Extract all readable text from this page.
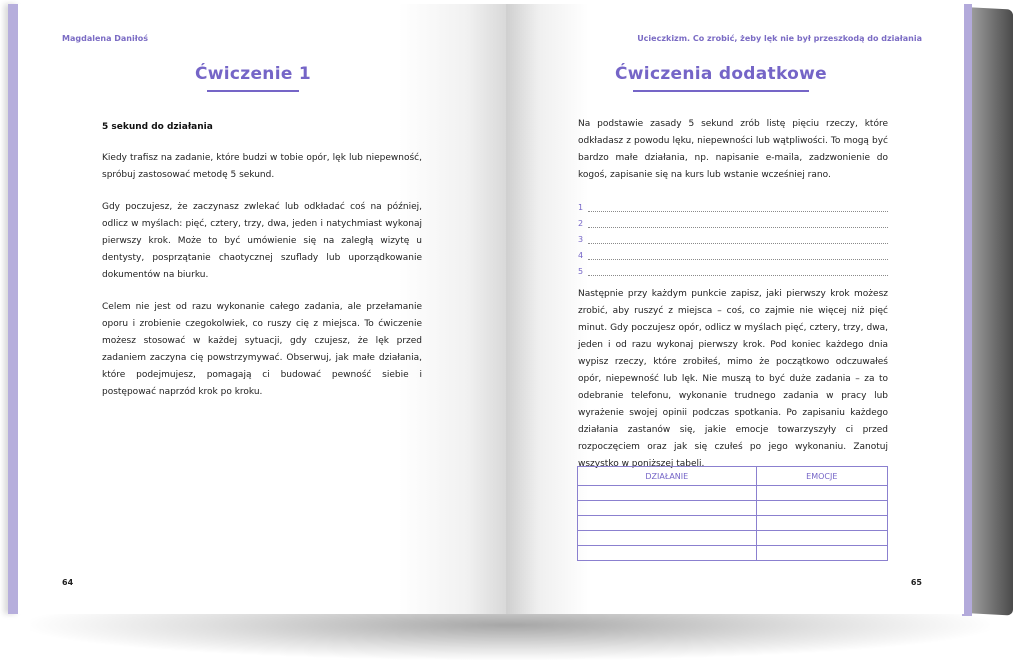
Magdalena Daniłoś
Ćwiczenie 1
5 sekund do działania

Kiedy trafisz na zadanie, które budzi w tobie opór, lęk lub niepewność, spróbuj zastosować metodę 5 sekund.

Gdy poczujesz, że zaczynasz zwlekać lub odkładać coś na później, odlicz w myślach: pięć, cztery, trzy, dwa, jeden i natychmiast wykonaj pierwszy krok. Może to być umówienie się na zaległą wizytę u dentysty, posprzątanie chaotycznej szuflady lub uporządkowanie dokumentów na biurku.

Celem nie jest od razu wykonanie całego zadania, ale przełamanie oporu i zrobienie czegokolwiek, co ruszy cię z miejsca. To ćwiczenie możesz stosować w każdej sytuacji, gdy czujesz, że lęk przed zadaniem zaczyna cię powstrzymywać. Obserwuj, jak małe działania, które podejmujesz, pomagają ci budować pewność siebie i postępować naprzód krok po kroku.

64
Ucieczkizm. Co zrobić, żeby lęk nie był przeszkodą do działania
Ćwiczenia dodatkowe

Na podstawie zasady 5 sekund zrób listę pięciu rzeczy, które odkładasz z powodu lęku, niepewności lub wątpliwości. To mogą być bardzo małe działania, np. napisanie e-maila, zadzwonienie do kogoś, zapisanie się na kurs lub wstanie wcześniej rano.

1
2
3
4
5

Następnie przy każdym punkcie zapisz, jaki pierwszy krok możesz zrobić, aby ruszyć z miejsca – coś, co zajmie nie więcej niż pięć minut. Gdy poczujesz opór, odlicz w myślach pięć, cztery, trzy, dwa, jeden i od razu wykonaj pierwszy krok. Pod koniec każdego dnia wypisz rzeczy, które zrobiłeś, mimo że początkowo odczuwałeś opór, niepewność lub lęk. Nie muszą to być duże zadania – za to odebranie telefonu, wykonanie trudnego zadania w pracy lub wyrażenie swojej opinii podczas spotkania. Po zapisaniu każdego działania zastanów się, jakie emocje towarzyszyły ci przed rozpoczęciem oraz jak się czułeś po jego wykonaniu. Zanotuj wszystko w poniższej tabeli.

DZIAŁANIE	EMOCJE

65
